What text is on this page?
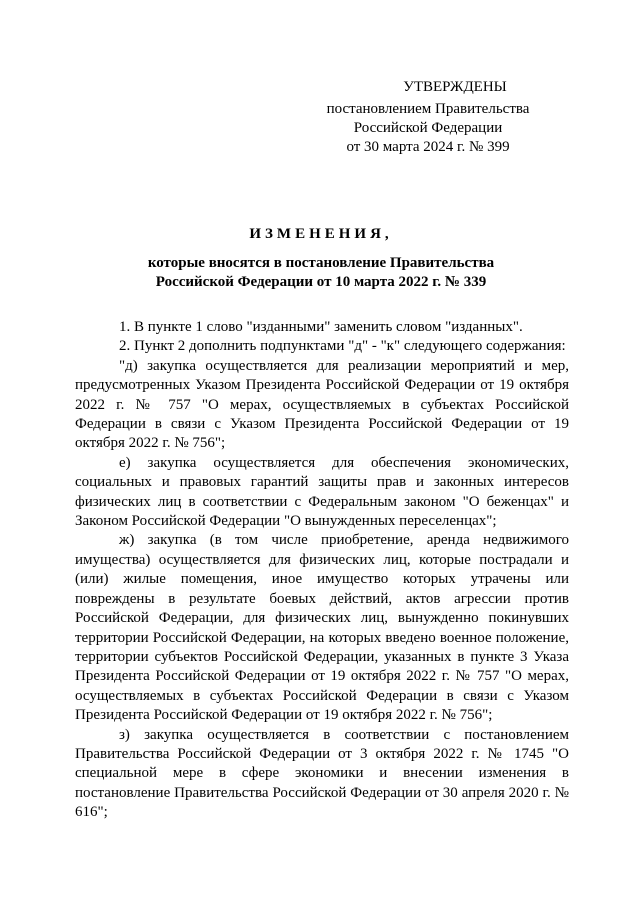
УТВЕРЖДЕНЫ
постановлением Правительства
Российской Федерации
от 30 марта 2024 г. № 399
ИЗМЕНЕНИЯ,
которые вносятся в постановление Правительства
Российской Федерации от 10 марта 2022 г. № 339

1. В пункте 1 слово "изданными" заменить словом "изданных".

2. Пункт 2 дополнить подпунктами "д" - "к" следующего содержания:

"д) закупка осуществляется для реализации мероприятий и мер, предусмотренных Указом Президента Российской Федерации от 19 октября 2022 г. № 757 "О мерах, осуществляемых в субъектах Российской Федерации в связи с Указом Президента Российской Федерации от 19 октября 2022 г. № 756";

е) закупка осуществляется для обеспечения экономических, социальных и правовых гарантий защиты прав и законных интересов физических лиц в соответствии с Федеральным законом "О беженцах" и Законом Российской Федерации "О вынужденных переселенцах";

ж) закупка (в том числе приобретение, аренда недвижимого имущества) осуществляется для физических лиц, которые пострадали и (или) жилые помещения, иное имущество которых утрачены или повреждены в результате боевых действий, актов агрессии против Российской Федерации, для физических лиц, вынужденно покинувших территории Российской Федерации, на которых введено военное положение, территории субъектов Российской Федерации, указанных в пункте 3 Указа Президента Российской Федерации от 19 октября 2022 г. № 757 "О мерах, осуществляемых в субъектах Российской Федерации в связи с Указом Президента Российской Федерации от 19 октября 2022 г. № 756";

з) закупка осуществляется в соответствии с постановлением Правительства Российской Федерации от 3 октября 2022 г. № 1745 "О специальной мере в сфере экономики и внесении изменения в постановление Правительства Российской Федерации от 30 апреля 2020 г. № 616";
